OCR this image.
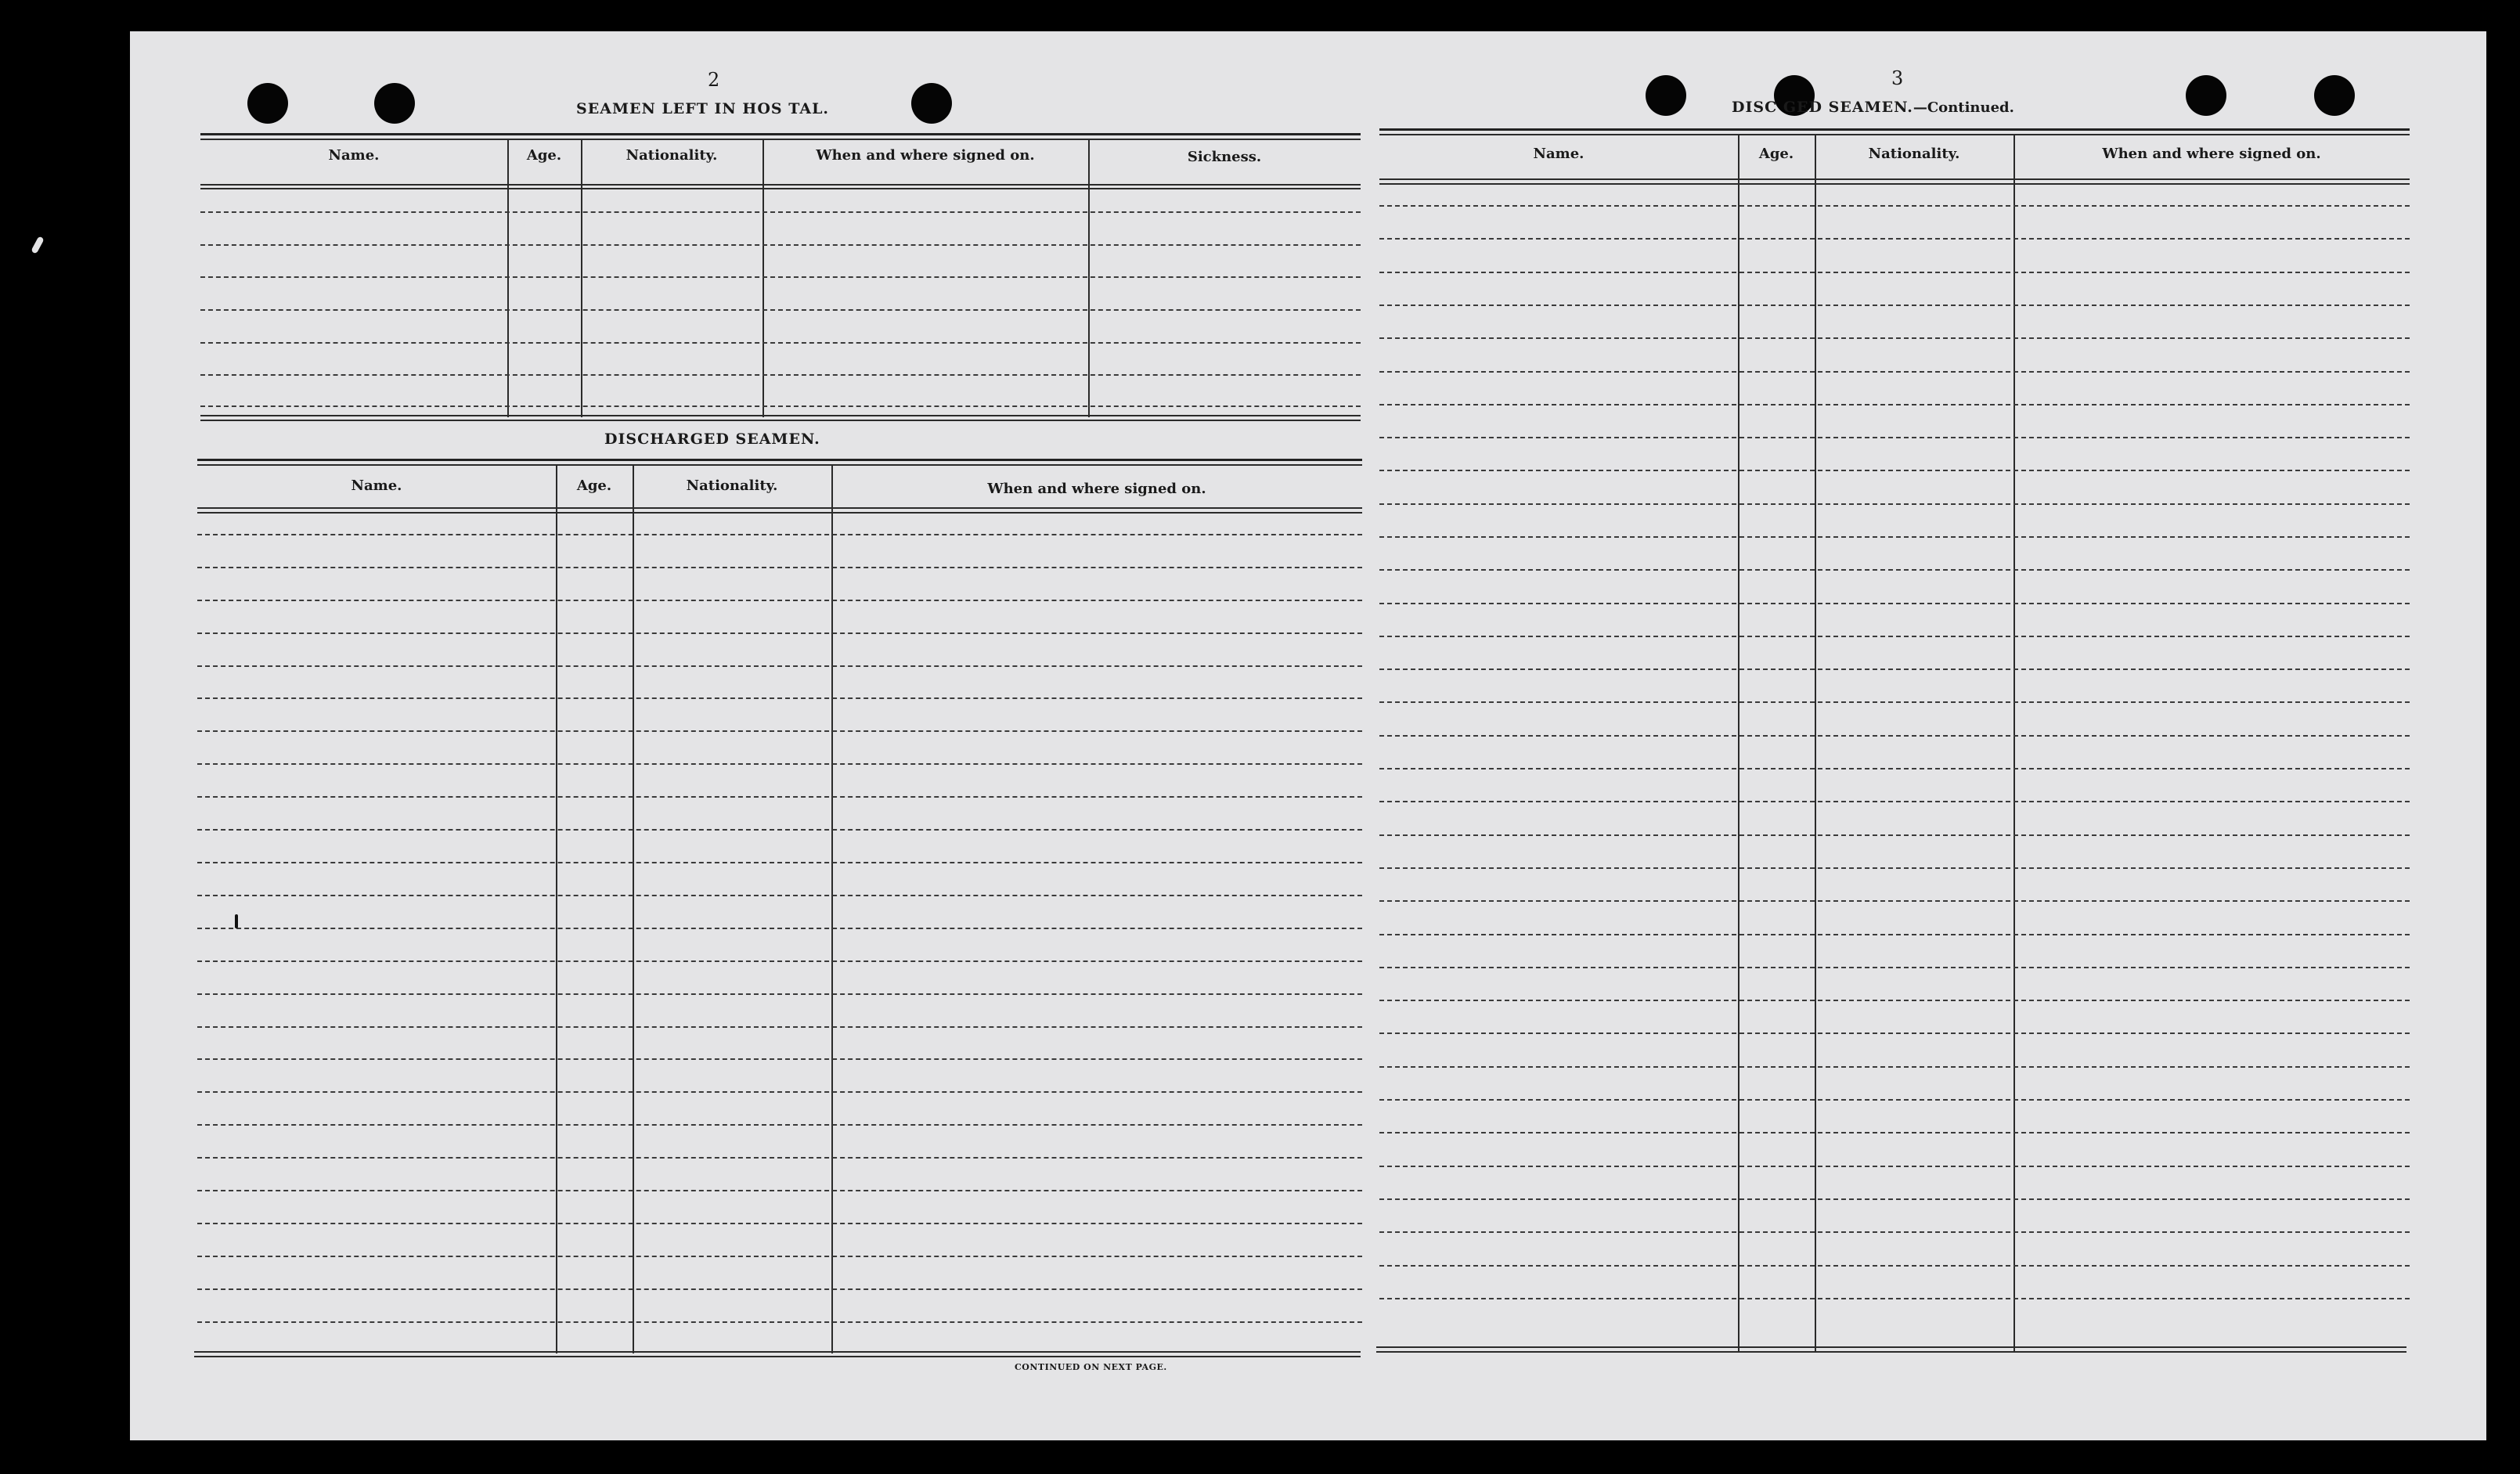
2
SEAMEN LEFT IN HOS TAL.
Name.	Age.	Nationality.	When and where signed on.	Sickness.
DISCHARGED SEAMEN.
Name.	Age.	Nationality.	When and where signed on.
CONTINUED ON NEXT PAGE.
3
DISC GED SEAMEN.—Continued.
Name.	Age.	Nationality.	When and where signed on.
